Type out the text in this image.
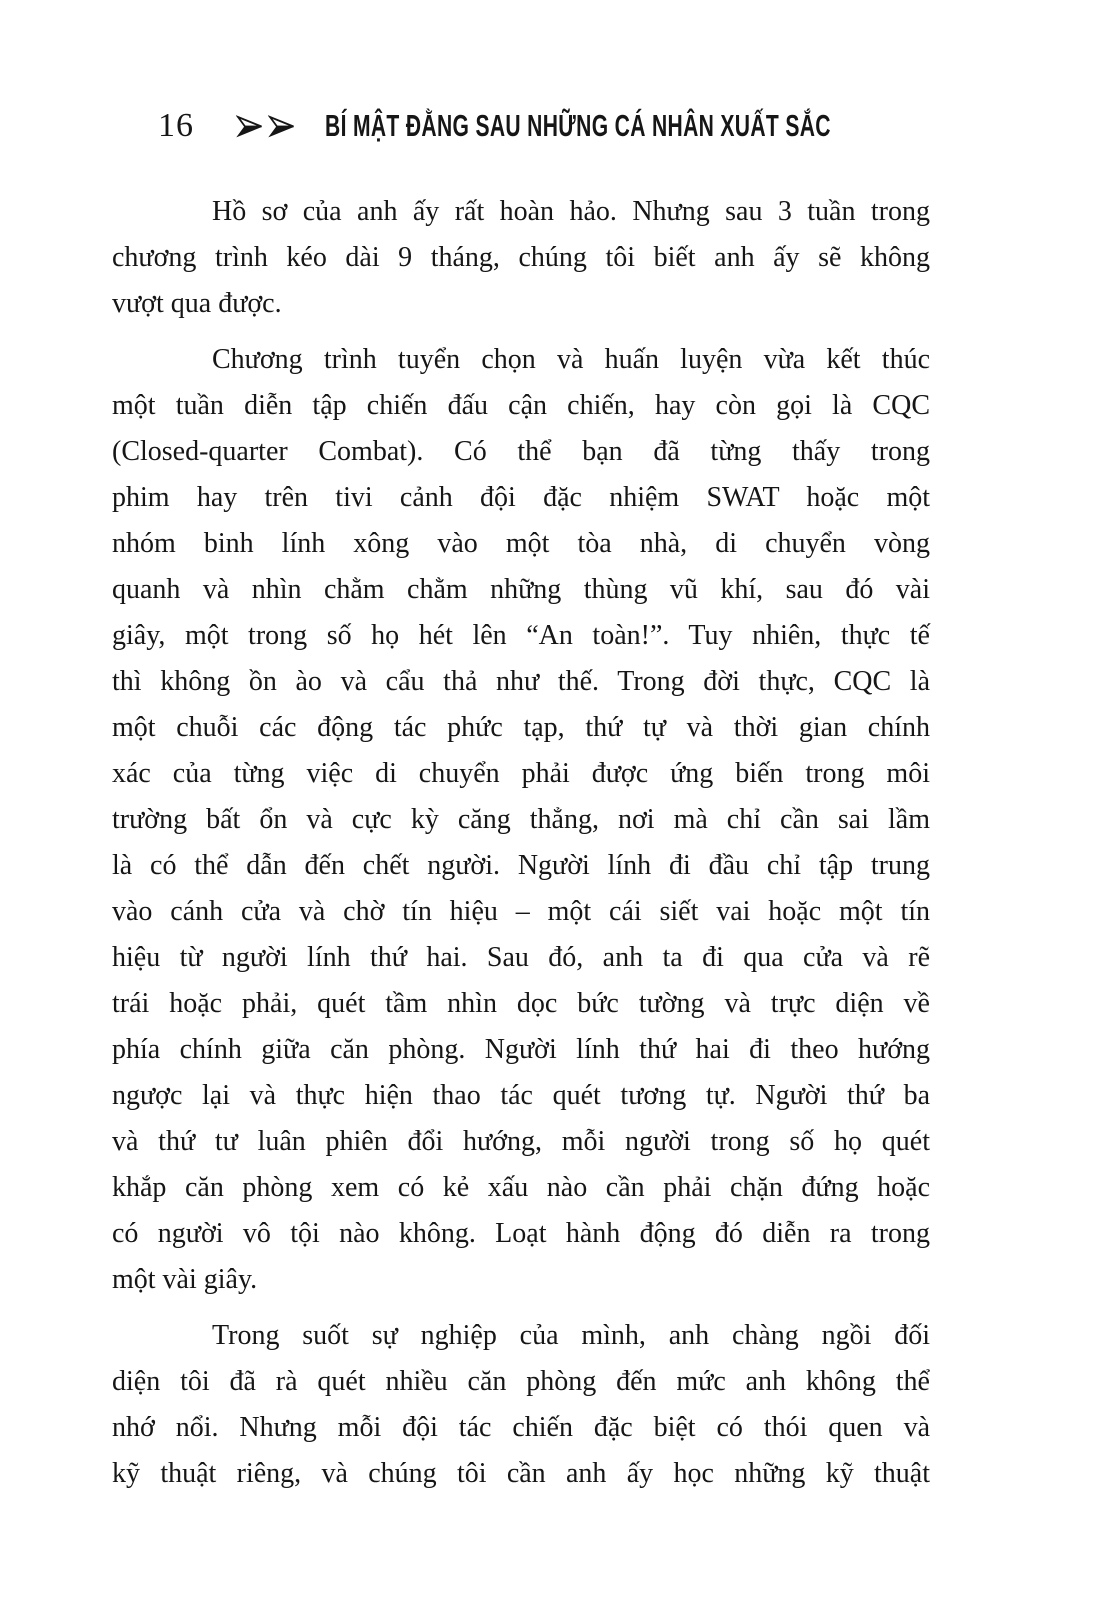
16	BÍ MẬT ĐẰNG SAU NHỮNG CÁ NHÂN XUẤT SẮC
Hồ sơ của anh ấy rất hoàn hảo. Nhưng sau 3 tuần trong
chương trình kéo dài 9 tháng, chúng tôi biết anh ấy sẽ không
vượt qua được.
Chương trình tuyển chọn và huấn luyện vừa kết thúc
một tuần diễn tập chiến đấu cận chiến, hay còn gọi là CQC
(Closed-quarter Combat). Có thể bạn đã từng thấy trong
phim hay trên tivi cảnh đội đặc nhiệm SWAT hoặc một
nhóm binh lính xông vào một tòa nhà, di chuyển vòng
quanh và nhìn chằm chằm những thùng vũ khí, sau đó vài
giây, một trong số họ hét lên “An toàn!”. Tuy nhiên, thực tế
thì không ồn ào và cẩu thả như thế. Trong đời thực, CQC là
một chuỗi các động tác phức tạp, thứ tự và thời gian chính
xác của từng việc di chuyển phải được ứng biến trong môi
trường bất ổn và cực kỳ căng thẳng, nơi mà chỉ cần sai lầm
là có thể dẫn đến chết người. Người lính đi đầu chỉ tập trung
vào cánh cửa và chờ tín hiệu – một cái siết vai hoặc một tín
hiệu từ người lính thứ hai. Sau đó, anh ta đi qua cửa và rẽ
trái hoặc phải, quét tầm nhìn dọc bức tường và trực diện về
phía chính giữa căn phòng. Người lính thứ hai đi theo hướng
ngược lại và thực hiện thao tác quét tương tự. Người thứ ba
và thứ tư luân phiên đổi hướng, mỗi người trong số họ quét
khắp căn phòng xem có kẻ xấu nào cần phải chặn đứng hoặc
có người vô tội nào không. Loạt hành động đó diễn ra trong
một vài giây.
Trong suốt sự nghiệp của mình, anh chàng ngồi đối
diện tôi đã rà quét nhiều căn phòng đến mức anh không thể
nhớ nổi. Nhưng mỗi đội tác chiến đặc biệt có thói quen và
kỹ thuật riêng, và chúng tôi cần anh ấy học những kỹ thuật
